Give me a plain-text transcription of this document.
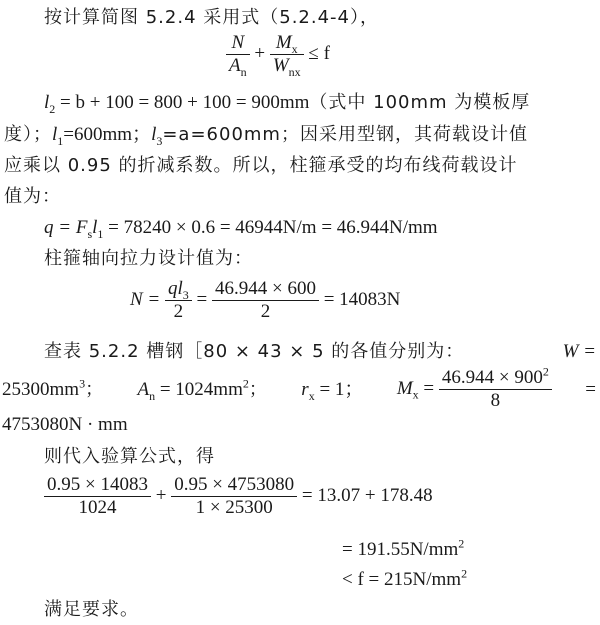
按计算简图 5.2.4 采用式（5.2.4-4），
$\frac{N}{A_n} + \frac{M_x}{W_{nx}} \le f$
$l_2 = b + 100 = 800 + 100 = 900mm$（式中 100mm 为模板厚
度）；$l_1=600mm$；$l_3=a=600mm$；因采用型钢，其荷载设计值
应乘以 0.95 的折减系数。所以，柱箍承受的均布线荷载设计
值为：
$q = F_sl_1 = 78240 \times 0.6 = 46944N/m = 46.944N/mm$
柱箍轴向拉力设计值为：
$N = \frac{ql_3}{2} = \frac{46.944 \times 600}{2} = 14083N$
查表 5.2.2 槽钢［80 × 43 × 5 的各值分别为：	W =
$25300mm^3$； $A_n = 1024mm^2$； $r_x = 1$； $M_x = \frac{46.944 \times 900^2}{8}$ =
4753080N · mm
则代入验算公式，得
$\frac{0.95 \times 14083}{1024} + \frac{0.95 \times 4753080}{1 \times 25300} = 13.07 + 178.48$
= $191.55N/mm^2$
< $f = 215N/mm^2$
满足要求。
